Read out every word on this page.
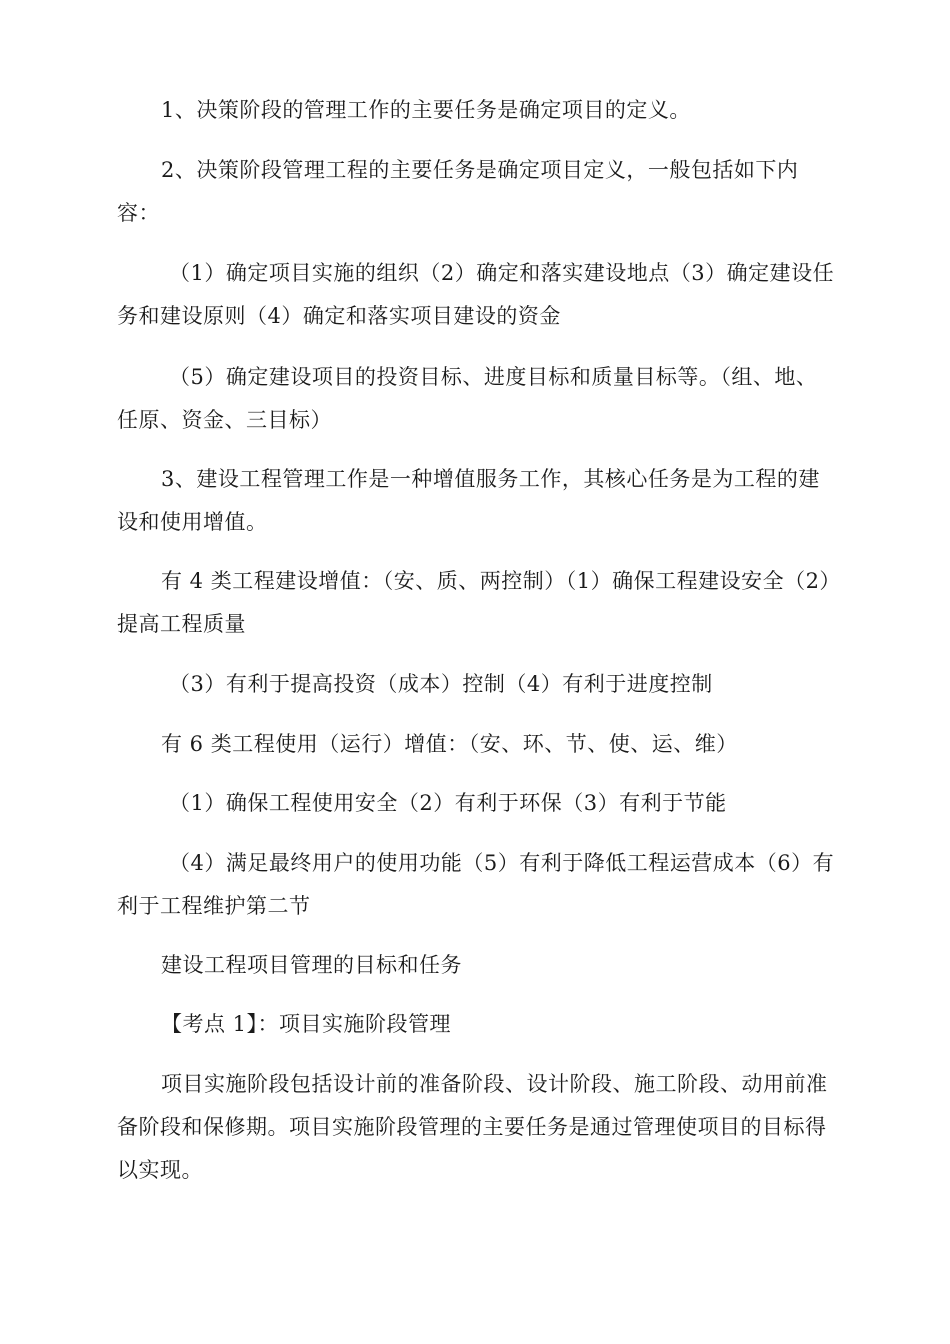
1、决策阶段的管理工作的主要任务是确定项目的定义。

2、决策阶段管理工程的主要任务是确定项目定义，一般包括如下内容：

（1）确定项目实施的组织（2）确定和落实建设地点（3）确定建设任务和建设原则（4）确定和落实项目建设的资金

（5）确定建设项目的投资目标、进度目标和质量目标等。（组、地、任原、资金、三目标）

3、建设工程管理工作是一种增值服务工作，其核心任务是为工程的建设和使用增值。

有 4 类工程建设增值：（安、质、两控制）（1）确保工程建设安全（2）提高工程质量

（3）有利于提高投资（成本）控制（4）有利于进度控制

有 6 类工程使用（运行）增值：（安、环、节、使、运、维）

（1）确保工程使用安全（2）有利于环保（3）有利于节能

（4）满足最终用户的使用功能（5）有利于降低工程运营成本（6）有利于工程维护第二节

建设工程项目管理的目标和任务

【考点 1】：项目实施阶段管理

项目实施阶段包括设计前的准备阶段、设计阶段、施工阶段、动用前准备阶段和保修期。项目实施阶段管理的主要任务是通过管理使项目的目标得以实现。
